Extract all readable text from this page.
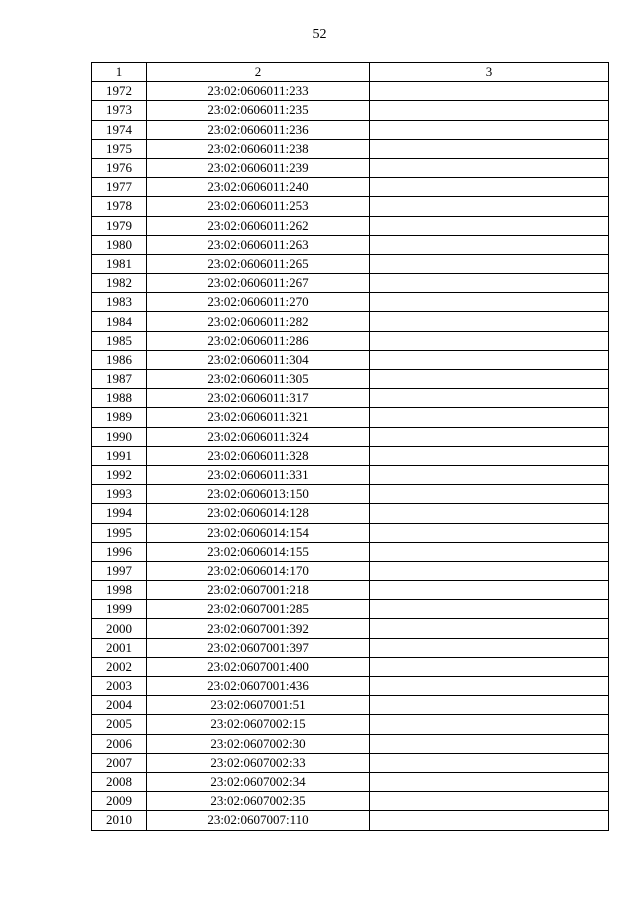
52
1	2	3
1972	23:02:0606011:233	
1973	23:02:0606011:235	
1974	23:02:0606011:236	
1975	23:02:0606011:238	
1976	23:02:0606011:239	
1977	23:02:0606011:240	
1978	23:02:0606011:253	
1979	23:02:0606011:262	
1980	23:02:0606011:263	
1981	23:02:0606011:265	
1982	23:02:0606011:267	
1983	23:02:0606011:270	
1984	23:02:0606011:282	
1985	23:02:0606011:286	
1986	23:02:0606011:304	
1987	23:02:0606011:305	
1988	23:02:0606011:317	
1989	23:02:0606011:321	
1990	23:02:0606011:324	
1991	23:02:0606011:328	
1992	23:02:0606011:331	
1993	23:02:0606013:150	
1994	23:02:0606014:128	
1995	23:02:0606014:154	
1996	23:02:0606014:155	
1997	23:02:0606014:170	
1998	23:02:0607001:218	
1999	23:02:0607001:285	
2000	23:02:0607001:392	
2001	23:02:0607001:397	
2002	23:02:0607001:400	
2003	23:02:0607001:436	
2004	23:02:0607001:51	
2005	23:02:0607002:15	
2006	23:02:0607002:30	
2007	23:02:0607002:33	
2008	23:02:0607002:34	
2009	23:02:0607002:35	
2010	23:02:0607007:110	
